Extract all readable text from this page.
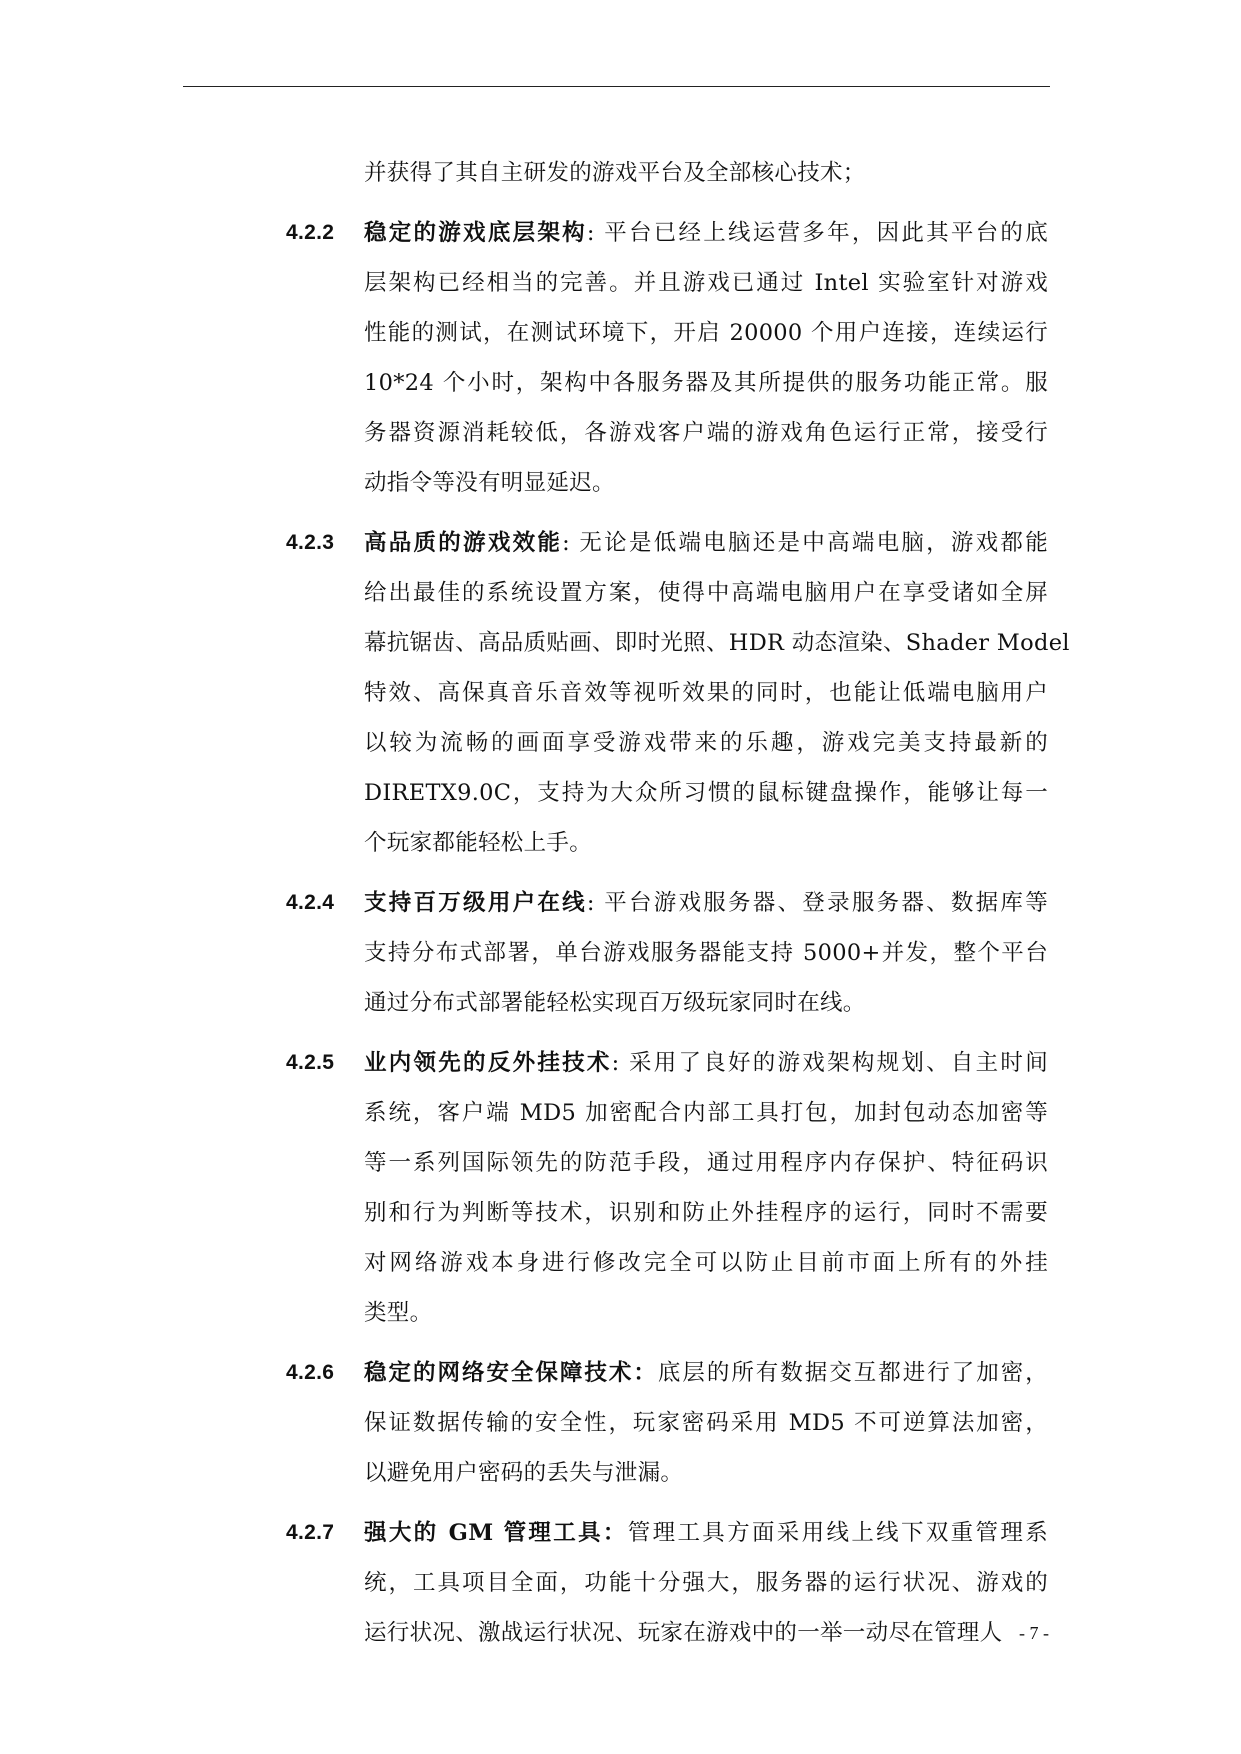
并获得了其自主研发的游戏平台及全部核心技术；
4.2.2 稳定的游戏底层架构: 平台已经上线运营多年，因此其平台的底
层架构已经相当的完善。并且游戏已通过 Intel 实验室针对游戏
性能的测试，在测试环境下，开启 20000 个用户连接，连续运行
10*24 个小时，架构中各服务器及其所提供的服务功能正常。服
务器资源消耗较低，各游戏客户端的游戏角色运行正常，接受行
动指令等没有明显延迟。
4.2.3 高品质的游戏效能: 无论是低端电脑还是中高端电脑，游戏都能
给出最佳的系统设置方案，使得中高端电脑用户在享受诸如全屏
幕抗锯齿、高品质贴画、即时光照、HDR 动态渲染、Shader Model
特效、高保真音乐音效等视听效果的同时，也能让低端电脑用户
以较为流畅的画面享受游戏带来的乐趣，游戏完美支持最新的
DIRETX9.0C，支持为大众所习惯的鼠标键盘操作，能够让每一
个玩家都能轻松上手。
4.2.4 支持百万级用户在线: 平台游戏服务器、登录服务器、数据库等
支持分布式部署，单台游戏服务器能支持 5000+并发，整个平台
通过分布式部署能轻松实现百万级玩家同时在线。
4.2.5 业内领先的反外挂技术: 采用了良好的游戏架构规划、自主时间
系统，客户端 MD5 加密配合内部工具打包，加封包动态加密等
等一系列国际领先的防范手段，通过用程序内存保护、特征码识
别和行为判断等技术，识别和防止外挂程序的运行，同时不需要
对网络游戏本身进行修改完全可以防止目前市面上所有的外挂
类型。
4.2.6 稳定的网络安全保障技术：底层的所有数据交互都进行了加密，
保证数据传输的安全性，玩家密码采用 MD5 不可逆算法加密，
以避免用户密码的丢失与泄漏。
4.2.7 强大的 GM 管理工具：管理工具方面采用线上线下双重管理系
统，工具项目全面，功能十分强大，服务器的运行状况、游戏的
运行状况、激战运行状况、玩家在游戏中的一举一动尽在管理人 - 7 -
